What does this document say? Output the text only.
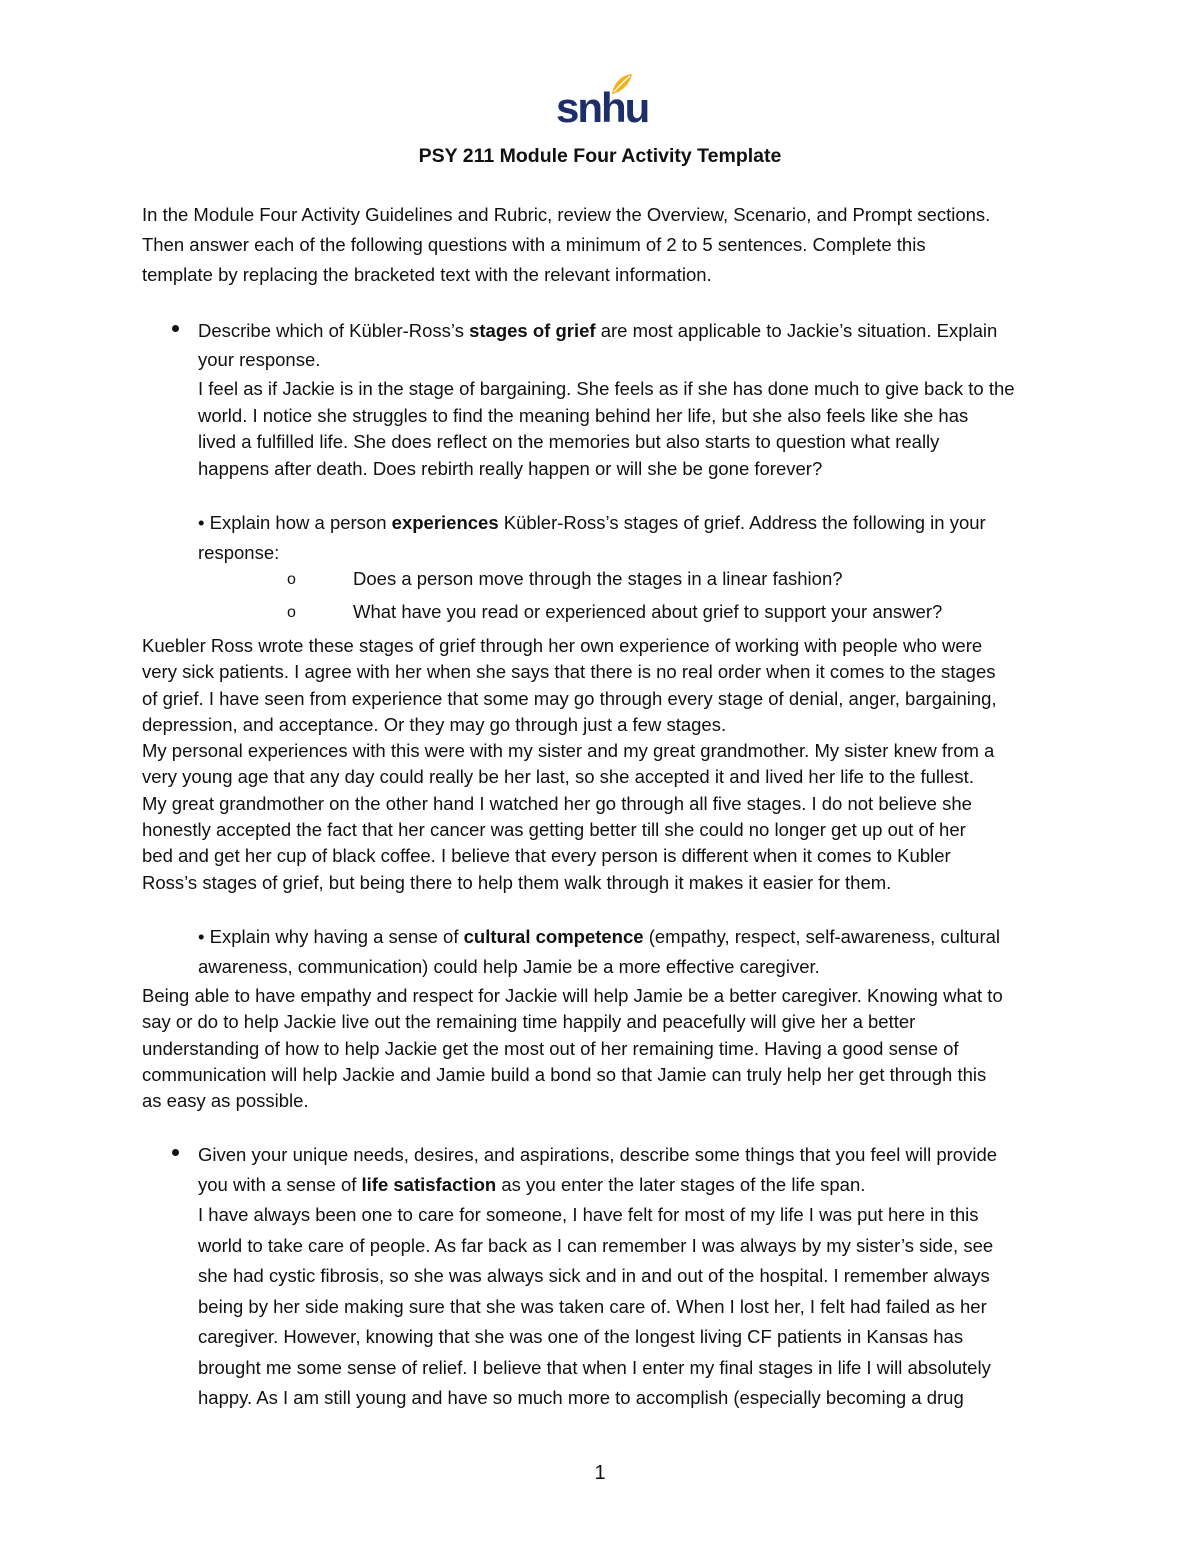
snhu
PSY 211 Module Four Activity Template
In the Module Four Activity Guidelines and Rubric, review the Overview, Scenario, and Prompt sections.
Then answer each of the following questions with a minimum of 2 to 5 sentences. Complete this
template by replacing the bracketed text with the relevant information.
Describe which of Kübler-Ross’s stages of grief are most applicable to Jackie’s situation. Explain
your response.
I feel as if Jackie is in the stage of bargaining. She feels as if she has done much to give back to the
world. I notice she struggles to find the meaning behind her life, but she also feels like she has
lived a fulfilled life. She does reflect on the memories but also starts to question what really
happens after death. Does rebirth really happen or will she be gone forever?
• Explain how a person experiences Kübler-Ross’s stages of grief. Address the following in your
response:
o	Does a person move through the stages in a linear fashion?
o	What have you read or experienced about grief to support your answer?
Kuebler Ross wrote these stages of grief through her own experience of working with people who were
very sick patients. I agree with her when she says that there is no real order when it comes to the stages
of grief. I have seen from experience that some may go through every stage of denial, anger, bargaining,
depression, and acceptance. Or they may go through just a few stages.
My personal experiences with this were with my sister and my great grandmother. My sister knew from a
very young age that any day could really be her last, so she accepted it and lived her life to the fullest.
My great grandmother on the other hand I watched her go through all five stages. I do not believe she
honestly accepted the fact that her cancer was getting better till she could no longer get up out of her
bed and get her cup of black coffee. I believe that every person is different when it comes to Kubler
Ross’s stages of grief, but being there to help them walk through it makes it easier for them.
• Explain why having a sense of cultural competence (empathy, respect, self-awareness, cultural
awareness, communication) could help Jamie be a more effective caregiver.
Being able to have empathy and respect for Jackie will help Jamie be a better caregiver. Knowing what to
say or do to help Jackie live out the remaining time happily and peacefully will give her a better
understanding of how to help Jackie get the most out of her remaining time. Having a good sense of
communication will help Jackie and Jamie build a bond so that Jamie can truly help her get through this
as easy as possible.
Given your unique needs, desires, and aspirations, describe some things that you feel will provide
you with a sense of life satisfaction as you enter the later stages of the life span.
I have always been one to care for someone, I have felt for most of my life I was put here in this
world to take care of people. As far back as I can remember I was always by my sister’s side, see
she had cystic fibrosis, so she was always sick and in and out of the hospital. I remember always
being by her side making sure that she was taken care of. When I lost her, I felt had failed as her
caregiver. However, knowing that she was one of the longest living CF patients in Kansas has
brought me some sense of relief. I believe that when I enter my final stages in life I will absolutely
happy. As I am still young and have so much more to accomplish (especially becoming a drug
1
